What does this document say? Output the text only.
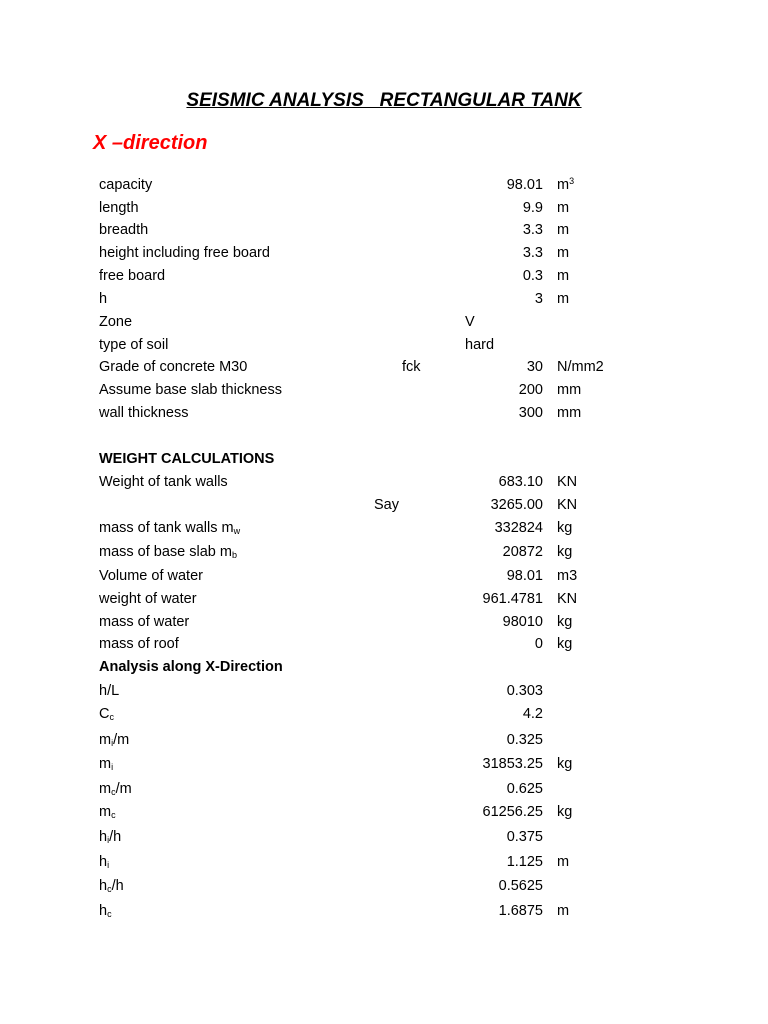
SEISMIC ANALYSIS   RECTANGULAR TANK
X –direction
capacity	98.01 $m^3$
length	9.9 m
breadth	3.3 m
height including free board	3.3 m
free board	0.3 m
h	3 m
Zone	V
type of soil	hard
Grade of concrete M30	fck	30 N/mm2
Assume base slab thickness	200 mm
wall thickness	300 mm
WEIGHT CALCULATIONS
Weight of tank walls	683.10 KN
Say	3265.00 KN
mass of tank walls $m_w$	332824 kg
mass of base slab $m_b$	20872 kg
Volume of water	98.01 m3
weight of water	961.4781 KN
mass of water	98010 kg
mass of roof	0 kg
Analysis along X-Direction
h/L	0.303
$C_c$	4.2
$m_i/m$	0.325
$m_i$	31853.25 kg
$m_c/m$	0.625
$m_c$	61256.25 kg
$h_i/h$	0.375
$h_i$	1.125 m
$h_c/h$	0.5625
$h_c$	1.6875 m
